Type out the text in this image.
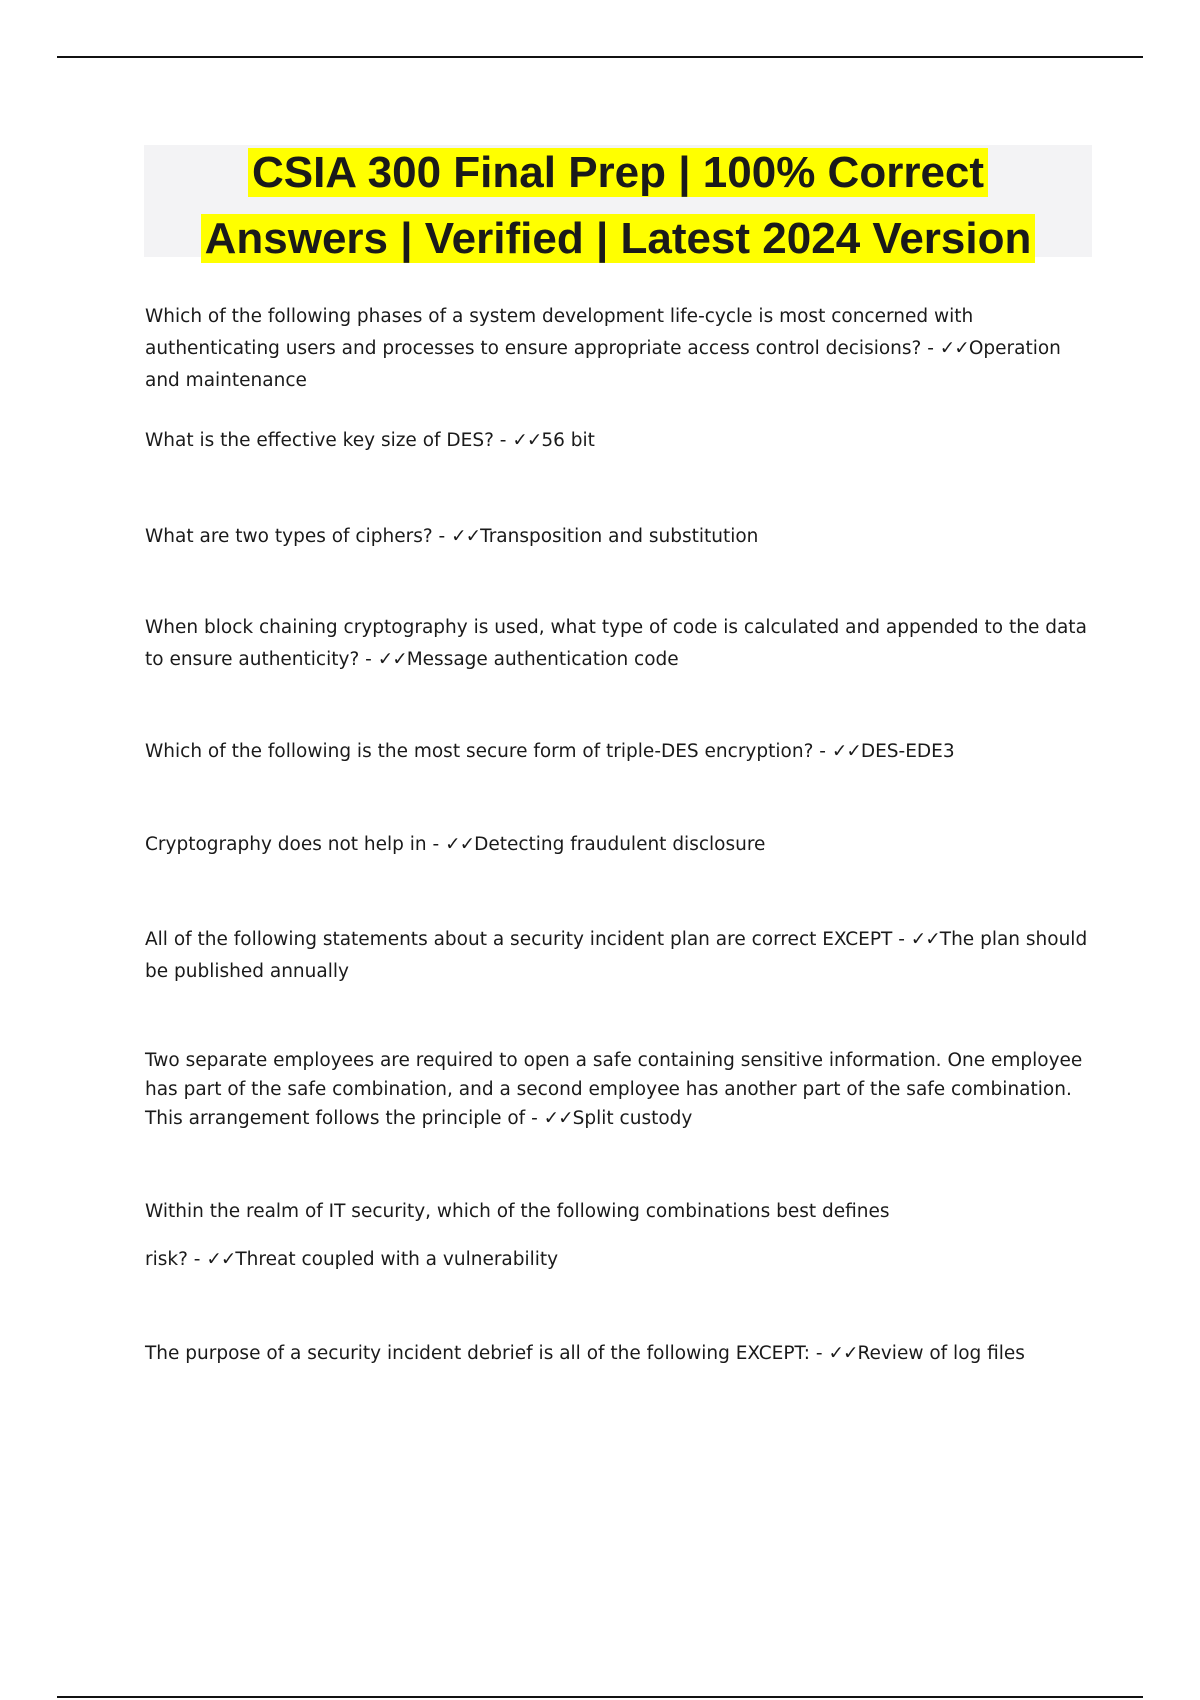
CSIA 300 Final Prep | 100% Correct

Answers | Verified | Latest 2024 Version

Which of the following phases of a system development life-cycle is most concerned with authenticating users and processes to ensure appropriate access control decisions? - ✓✓Operation and maintenance

What is the effective key size of DES? - ✓✓56 bit

What are two types of ciphers? - ✓✓Transposition and substitution

When block chaining cryptography is used, what type of code is calculated and appended to the data to ensure authenticity? - ✓✓Message authentication code

Which of the following is the most secure form of triple-DES encryption? - ✓✓DES-EDE3

Cryptography does not help in - ✓✓Detecting fraudulent disclosure

All of the following statements about a security incident plan are correct EXCEPT - ✓✓The plan should be published annually

Two separate employees are required to open a safe containing sensitive information. One employee has part of the safe combination, and a second employee has another part of the safe combination. This arrangement follows the principle of - ✓✓Split custody

Within the realm of IT security, which of the following combinations best defines
risk? - ✓✓Threat coupled with a vulnerability

The purpose of a security incident debrief is all of the following EXCEPT: - ✓✓Review of log files
